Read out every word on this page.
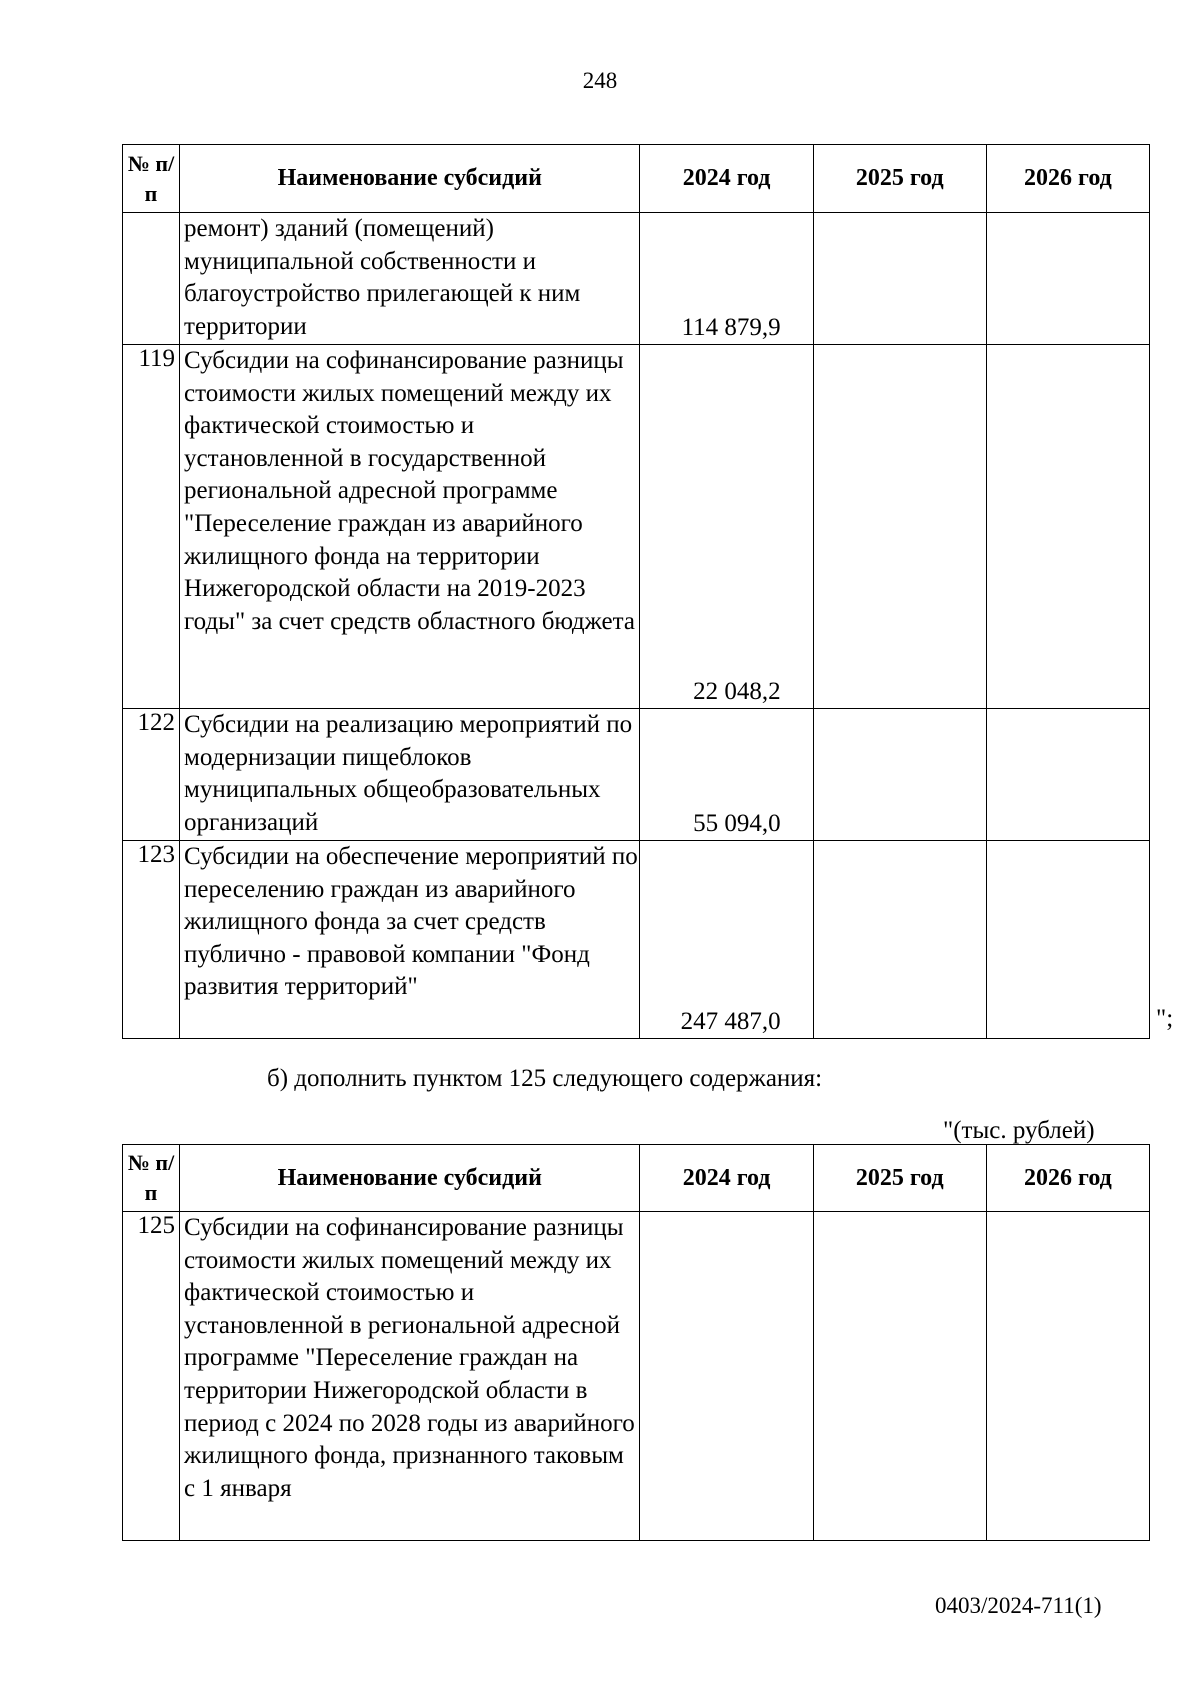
248
№ п/п	Наименование субсидий	2024 год	2025 год	2026 год
	ремонт) зданий (помещений) муниципальной собственности и благоустройство прилегающей к ним территории	114 879,9		
119	Субсидии на софинансирование разницы стоимости жилых помещений между их фактической стоимостью и установленной в государственной региональной адресной программе "Переселение граждан из аварийного жилищного фонда на территории Нижегородской области на 2019-2023 годы" за счет средств областного бюджета	22 048,2		
122	Субсидии на реализацию мероприятий по модернизации пищеблоков муниципальных общеобразовательных организаций	55 094,0		
123	Субсидии на обеспечение мероприятий по переселению граждан из аварийного жилищного фонда за счет средств публично - правовой компании "Фонд развития территорий"	247 487,0			";
б) дополнить пунктом 125 следующего содержания:
"(тыс. рублей)
№ п/п	Наименование субсидий	2024 год	2025 год	2026 год
125	Субсидии на софинансирование разницы стоимости жилых помещений между их фактической стоимостью и установленной в региональной адресной программе "Переселение граждан на территории Нижегородской области в период с 2024 по 2028 годы из аварийного жилищного фонда, признанного таковым с 1 января			
0403/2024-711(1)
